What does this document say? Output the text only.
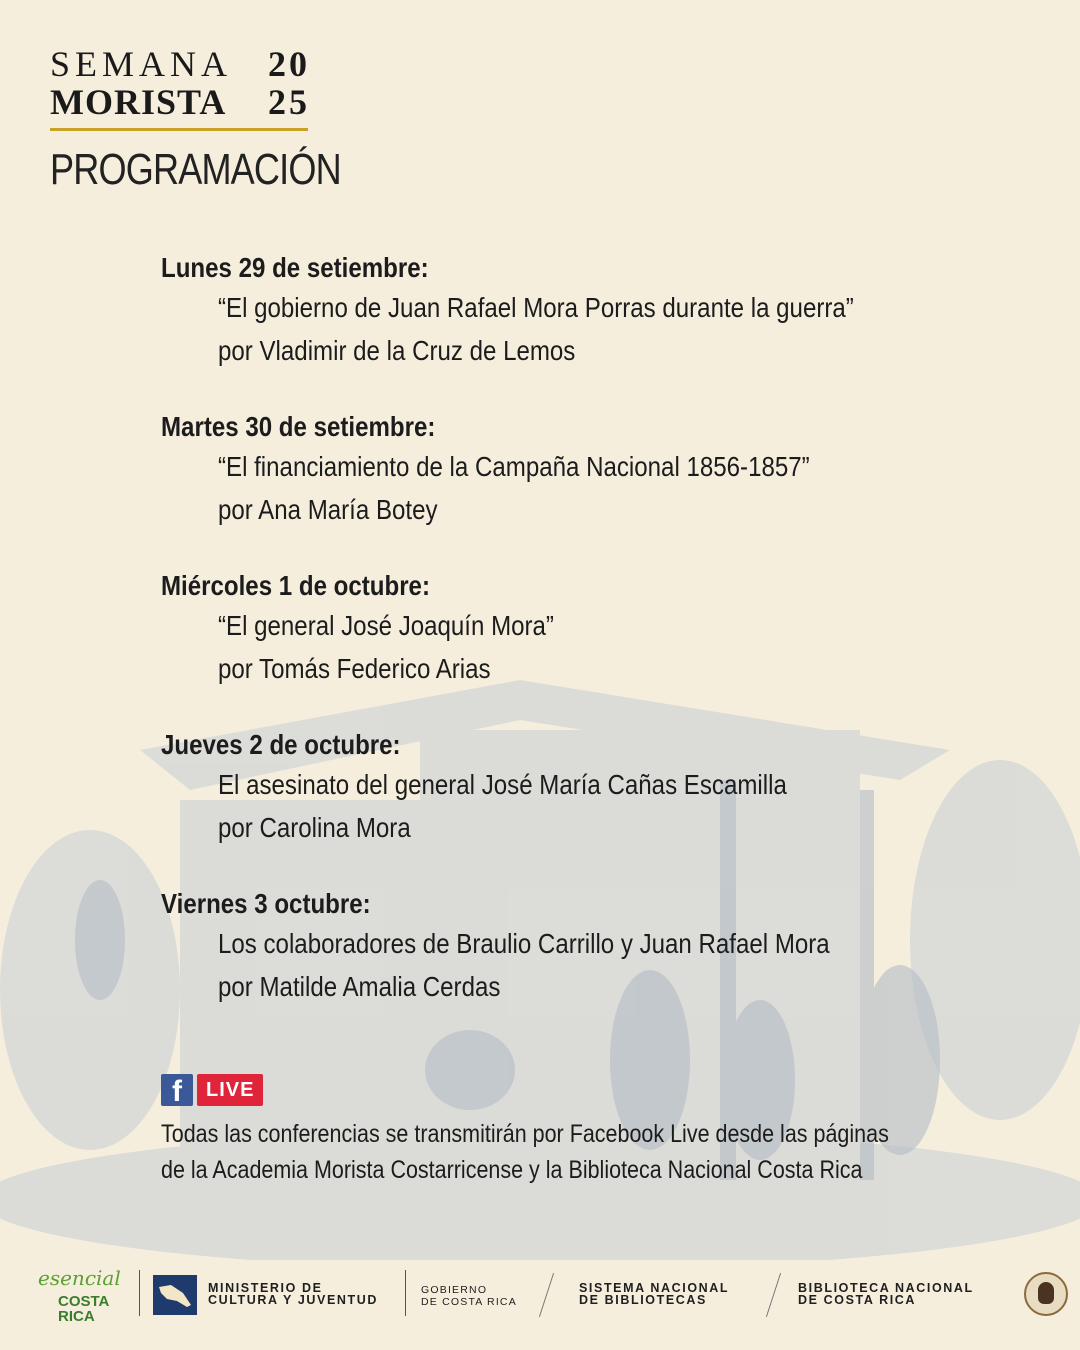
SEMANA 20
MORISTA 25
PROGRAMACIÓN
Lunes 29 de setiembre:
“El gobierno de Juan Rafael Mora Porras durante la guerra”
por Vladimir de la Cruz de Lemos
Martes 30 de setiembre:
“El financiamiento de la Campaña Nacional 1856-1857”
por Ana María Botey
Miércoles 1 de octubre:
“El general José Joaquín Mora”
por Tomás Federico Arias
Jueves 2 de octubre:
El asesinato del general José María Cañas Escamilla
por Carolina Mora
Viernes 3 octubre:
Los colaboradores de Braulio Carrillo y Juan Rafael Mora
por Matilde Amalia Cerdas
f	LIVE
Todas las conferencias se transmitirán por Facebook Live desde las páginas
de la Academia Morista Costarricense y la Biblioteca Nacional Costa Rica
esencial
COSTA
RICA
MINISTERIO DE
CULTURA Y JUVENTUD
GOBIERNO
DE COSTA RICA
SISTEMA NACIONAL
DE BIBLIOTECAS
BIBLIOTECA NACIONAL
DE COSTA RICA
